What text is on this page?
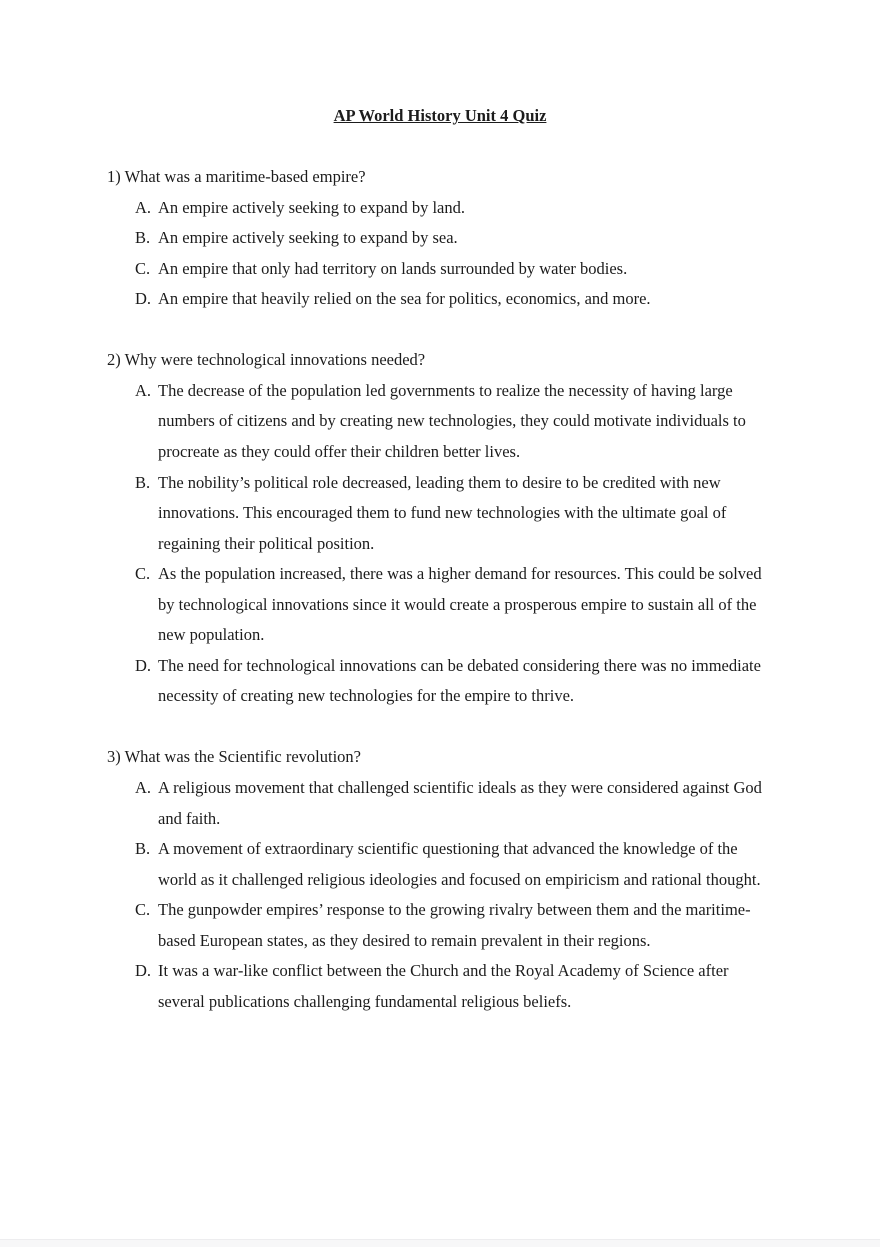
AP World History Unit 4 Quiz

1) What was a maritime-based empire?

A. An empire actively seeking to expand by land.
B. An empire actively seeking to expand by sea.
C. An empire that only had territory on lands surrounded by water bodies.
D. An empire that heavily relied on the sea for politics, economics, and more.

2) Why were technological innovations needed?

A. The decrease of the population led governments to realize the necessity of having large numbers of citizens and by creating new technologies, they could motivate individuals to procreate as they could offer their children better lives.
B. The nobility’s political role decreased, leading them to desire to be credited with new innovations. This encouraged them to fund new technologies with the ultimate goal of regaining their political position.
C. As the population increased, there was a higher demand for resources. This could be solved by technological innovations since it would create a prosperous empire to sustain all of the new population.
D. The need for technological innovations can be debated considering there was no immediate necessity of creating new technologies for the empire to thrive.

3) What was the Scientific revolution?

A. A religious movement that challenged scientific ideals as they were considered against God and faith.
B. A movement of extraordinary scientific questioning that advanced the knowledge of the world as it challenged religious ideologies and focused on empiricism and rational thought.
C. The gunpowder empires’ response to the growing rivalry between them and the maritime-based European states, as they desired to remain prevalent in their regions.
D. It was a war-like conflict between the Church and the Royal Academy of Science after several publications challenging fundamental religious beliefs.
